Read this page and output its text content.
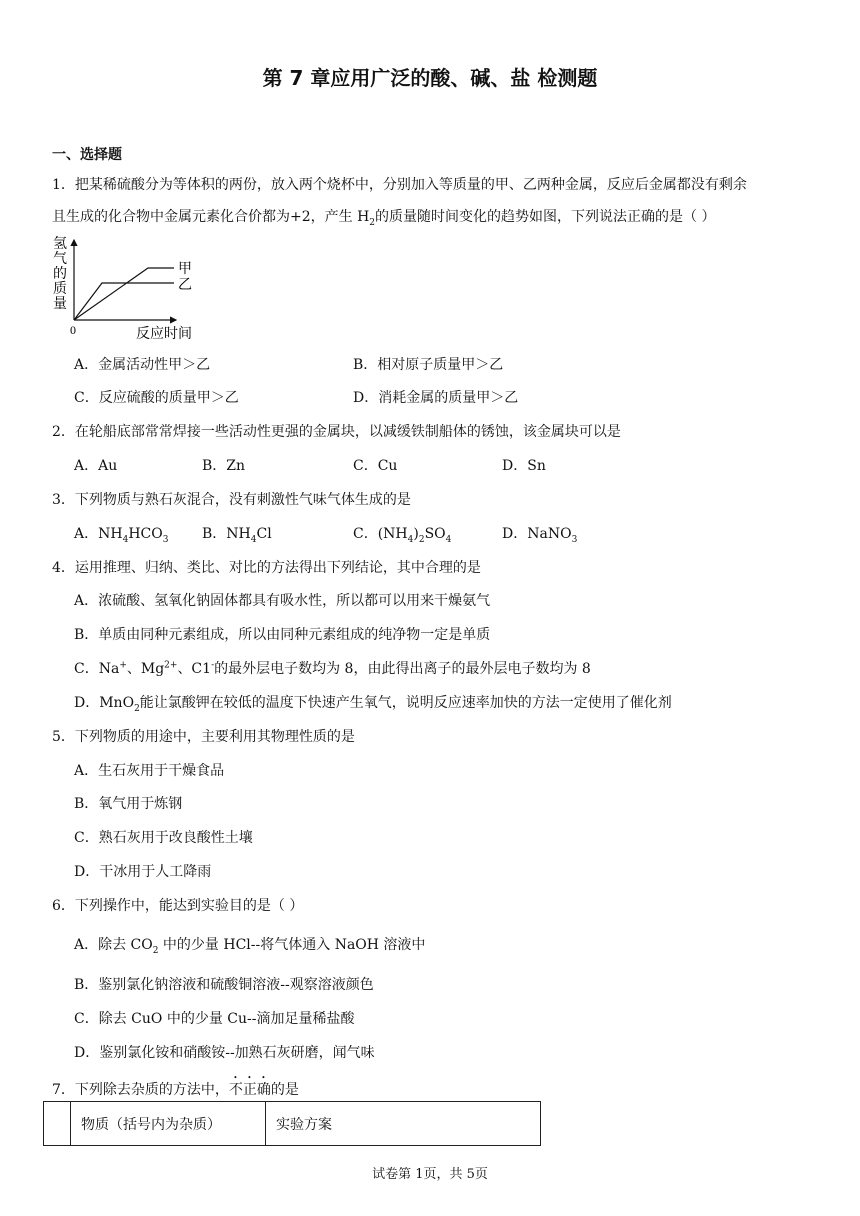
第 7 章应用广泛的酸、碱、盐 检测题
一、选择题
1．把某稀硫酸分为等体积的两份，放入两个烧杯中，分别加入等质量的甲、乙两种金属，反应后金属都没有剩余
且生成的化合物中金属元素化合价都为+2，产生 $H_2$的质量随时间变化的趋势如图，下列说法正确的是（ ）
氢
气
的
质
量
0
甲
乙
反应时间
A．金属活动性甲＞乙	B．相对原子质量甲＞乙
C．反应硫酸的质量甲＞乙	D．消耗金属的质量甲＞乙
2．在轮船底部常常焊接一些活动性更强的金属块，以减缓铁制船体的锈蚀，该金属块可以是
A．Au	B．Zn	C．Cu	D．Sn
3．下列物质与熟石灰混合，没有刺激性气味气体生成的是
A．$NH_4HCO_3$ B．$NH_4Cl$	C．$(NH_4)_2SO_4$	D．NaNO$_3$
4．运用推理、归纳、类比、对比的方法得出下列结论，其中合理的是
A．浓硫酸、氢氧化钠固体都具有吸水性，所以都可以用来干燥氨气
B．单质由同种元素组成，所以由同种元素组成的纯净物一定是单质
C．Na+、$Mg^{2+}$、C1-的最外层电子数均为 8，由此得出离子的最外层电子数均为 8
D．MnO$_2$能让氯酸钾在较低的温度下快速产生氧气，说明反应速率加快的方法一定使用了催化剂
5．下列物质的用途中，主要利用其物理性质的是
A．生石灰用于干燥食品
B．氧气用于炼钢
C．熟石灰用于改良酸性土壤
D．干冰用于人工降雨
6．下列操作中，能达到实验目的是（ ）
A．除去 $CO_2$ 中的少量 HCl--将气体通入 NaOH 溶液中
B．鉴别氯化钠溶液和硫酸铜溶液--观察溶液颜色
C．除去 CuO 中的少量 Cu--滴加足量稀盐酸
D．鉴别氯化铵和硝酸铵--加熟石灰研磨，闻气味
7．下列除去杂质的方法中，不正确的是
	物质（括号内为杂质）	实验方案
试卷第 1页，共 5页
